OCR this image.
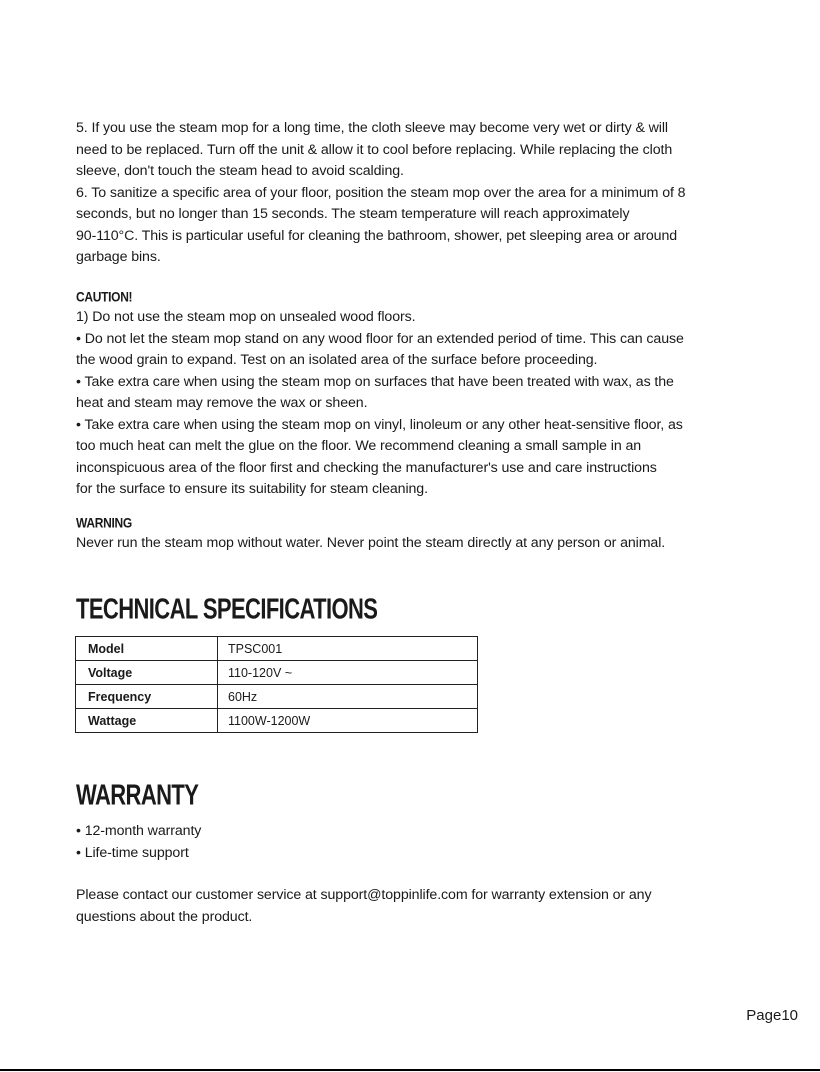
5. If you use the steam mop for a long time, the cloth sleeve may become very wet or dirty & will
need to be replaced. Turn off the unit & allow it to cool before replacing. While replacing the cloth
sleeve, don't touch the steam head to avoid scalding.
6. To sanitize a specific area of your floor, position the steam mop over the area for a minimum of 8
seconds, but no longer than 15 seconds. The steam temperature will reach approximately
90-110°C. This is particular useful for cleaning the bathroom, shower, pet sleeping area or around
garbage bins.
CAUTION!
1) Do not use the steam mop on unsealed wood floors.
• Do not let the steam mop stand on any wood floor for an extended period of time. This can cause
the wood grain to expand. Test on an isolated area of the surface before proceeding.
• Take extra care when using the steam mop on surfaces that have been treated with wax, as the
heat and steam may remove the wax or sheen.
• Take extra care when using the steam mop on vinyl, linoleum or any other heat-sensitive floor, as
too much heat can melt the glue on the floor. We recommend cleaning a small sample in an
inconspicuous area of the floor first and checking the manufacturer's use and care instructions
for the surface to ensure its suitability for steam cleaning.
WARNING
Never run the steam mop without water. Never point the steam directly at any person or animal.
TECHNICAL SPECIFICATIONS
Model	TPSC001
Voltage	110-120V ~
Frequency	60Hz
Wattage	1100W-1200W
WARRANTY
• 12-month warranty
• Life-time support
Please contact our customer service at support@toppinlife.com for warranty extension or any
questions about the product.
Page10
